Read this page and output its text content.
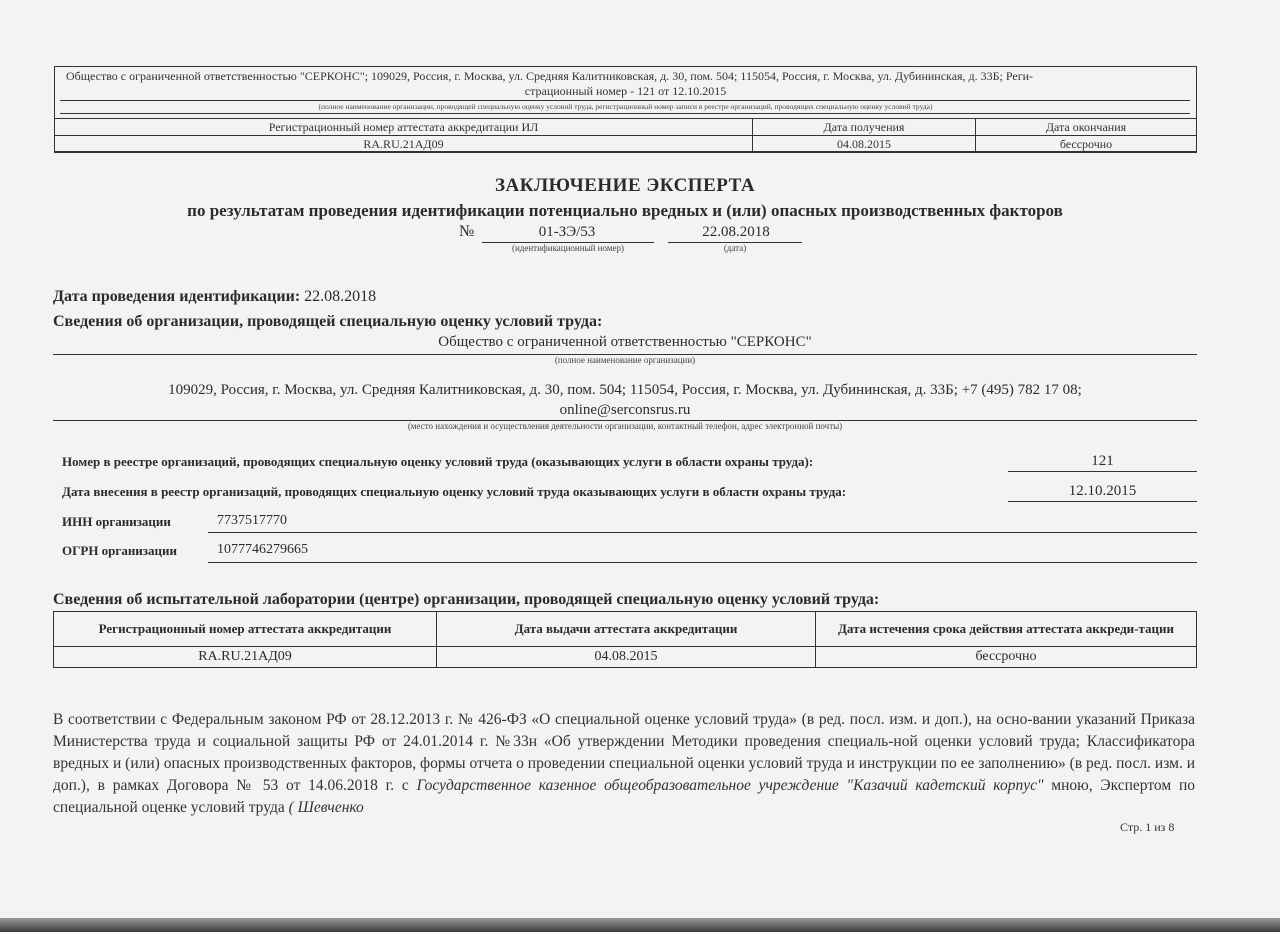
Общество с ограниченной ответственностью "СЕРКОНС"; 109029, Россия, г. Москва, ул. Средняя Калитниковская, д. 30, пом. 504; 115054, Россия, г. Москва, ул. Дубининская, д. 33Б; Реги-
страционный номер - 121 от 12.10.2015
(полное наименование организации, проводящей специальную оценку условий труда, регистрационный номер записи в реестре организаций, проводящих специальную оценку условий труда)
Регистрационный номер аттестата аккредитации ИЛ	Дата получения	Дата окончания
RA.RU.21АД09	04.08.2015	бессрочно
ЗАКЛЮЧЕНИЕ ЭКСПЕРТА
по результатам проведения идентификации потенциально вредных и (или) опасных производственных факторов
№	01-ЗЭ/53
(идентификационный номер)
22.08.2018
(дата)
Дата проведения идентификации: 22.08.2018
Сведения об организации, проводящей специальную оценку условий труда:
Общество с ограниченной ответственностью "СЕРКОНС"
(полное наименование организации)
109029, Россия, г. Москва, ул. Средняя Калитниковская, д. 30, пом. 504; 115054, Россия, г. Москва, ул. Дубининская, д. 33Б; +7 (495) 782 17 08;
online@serconsrus.ru
(место нахождения и осуществления деятельности организации, контактный телефон, адрес электронной почты)
Номер в реестре организаций, проводящих специальную оценку условий труда (оказывающих услуги в области охраны труда):	121
Дата внесения в реестр организаций, проводящих специальную оценку условий труда оказывающих услуги в области охраны труда:	12.10.2015
ИНН организации	7737517770
ОГРН организации	1077746279665
Сведения об испытательной лаборатории (центре) организации, проводящей специальную оценку условий труда:
Регистрационный номер аттестата аккредитации	Дата выдачи аттестата аккредитации	Дата истечения срока действия аттестата аккреди-тации
RA.RU.21АД09	04.08.2015	бессрочно
В соответствии с Федеральным законом РФ от 28.12.2013 г. № 426-ФЗ «О специальной оценке условий труда» (в ред. посл. изм. и доп.), на осно-вании указаний Приказа Министерства труда и социальной защиты РФ от 24.01.2014 г. №33н «Об утверждении Методики проведения специаль-ной оценки условий труда; Классификатора вредных и (или) опасных производственных факторов, формы отчета о проведении специальной оценки условий труда и инструкции по ее заполнению» (в ред. посл. изм. и доп.), в рамках Договора № 53 от 14.06.2018 г. с Государственное казенное общеобразовательное учреждение "Казачий кадетский корпус" мною, Экспертом по специальной оценке условий труда ( Шевченко
Стр. 1 из 8
